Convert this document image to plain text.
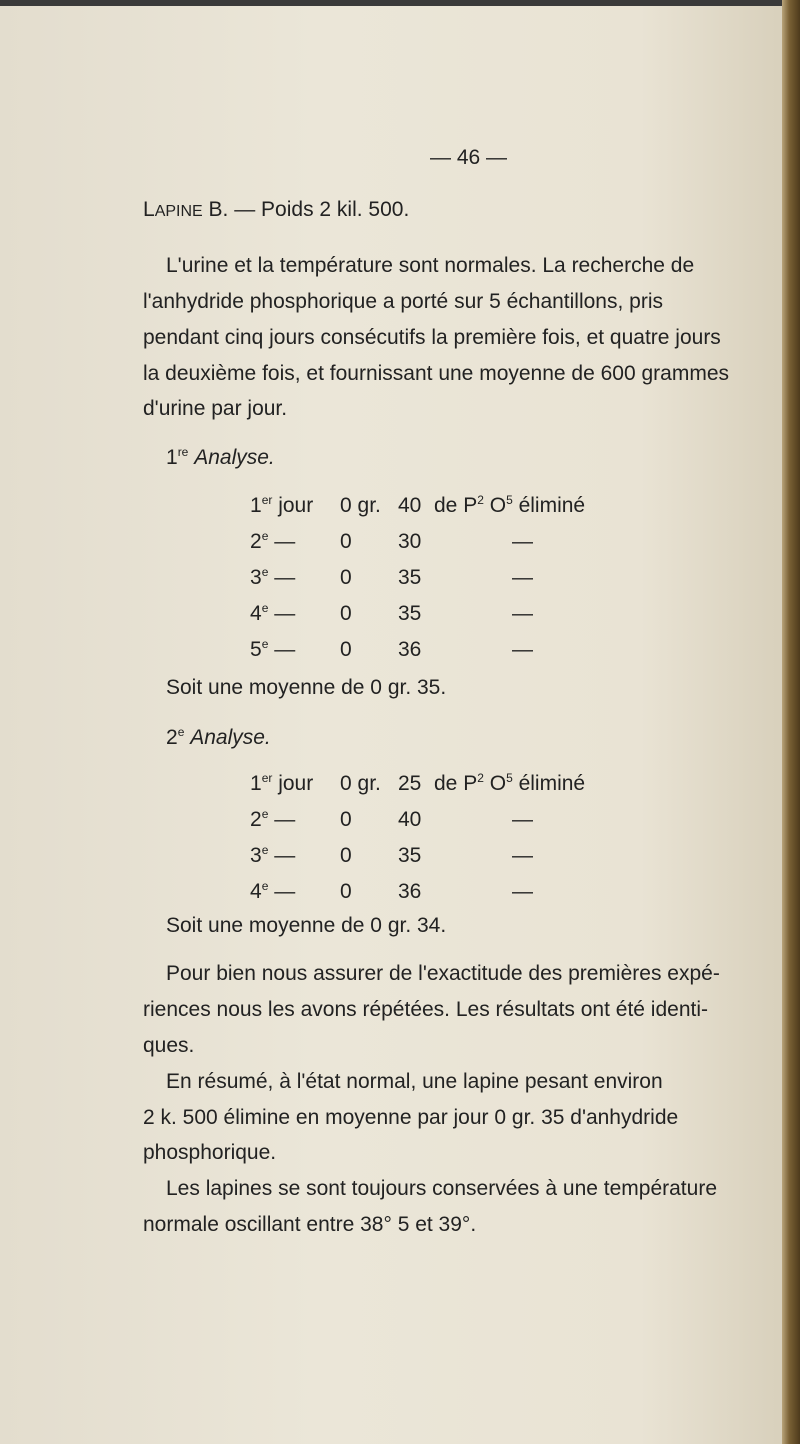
— 46 —
LAPINE B. — Poids 2 kil. 500.
L'urine et la température sont normales. La recherche de
l'anhydride phosphorique a porté sur 5 échantillons, pris
pendant cinq jours consécutifs la première fois, et quatre jours
la deuxième fois, et fournissant une moyenne de 600 grammes
d'urine par jour.
1re Analyse.
1er jour 0 gr. 40 de $P^2$ $O^5$ éliminé
2e — 0 30	—
3e — 0 35	—
4e — 0 35	—
5e — 0 36	—
Soit une moyenne de 0 gr. 35.
2e Analyse.
1er jour 0 gr. 25 de $P^2$ $O^5$ éliminé
2e — 0 40	—
3e — 0 35	—
4e — 0 36	—
Soit une moyenne de 0 gr. 34.
Pour bien nous assurer de l'exactitude des premières expé-
riences nous les avons répétées. Les résultats ont été identi-
ques.
En résumé, à l'état normal, une lapine pesant environ
2 k. 500 élimine en moyenne par jour 0 gr. 35 d'anhydride
phosphorique.
Les lapines se sont toujours conservées à une température
normale oscillant entre 38° 5 et 39°.
